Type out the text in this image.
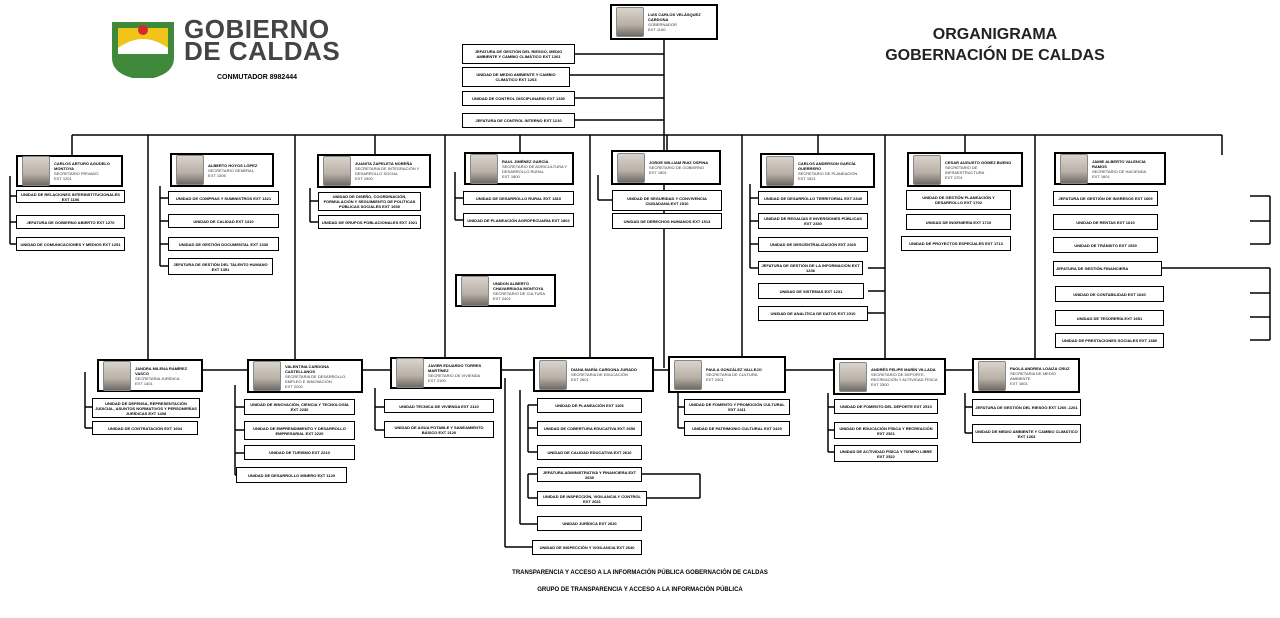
GOBIERNO
DE CALDAS
CONMUTADOR 8982444
ORGANIGRAMA
GOBERNACIÓN DE CALDAS
LUIS CARLOS VELÁSQUEZ CARDONA
GOBERNADOR
EXT 1100
JEFATURA DE GESTIÓN DEL RIESGO, MEDIO AMBIENTE Y CAMBIO CLIMÁTICO EXT 1261
UNIDAD DE MEDIO AMBIENTE Y CAMBIO CLIMÁTICO EXT 1263
UNIDAD DE CONTROL DISCIPLINARIO EXT 1330
JEFATURA DE CONTROL INTERNO EXT 1210
CARLOS ARTURO AGUDELO MONTOYA
SECRETARIO PRIVADO
EXT 1201
ALBERTO HOYOS LÓPEZ
SECRETARIO GENERAL
EXT 1305
JUANITA ZAPELETA NOREÑA
SECRETARIA DE INTEGRACIÓN Y DESARROLLO SOCIAL
EXT 1900
RAUL JIMÉNEZ GARCÍA
SECRETARIO DE AGRICULTURA Y DESARROLLO RURAL
EXT 1800
JORGE WILLIAM RUIZ OSPINA
SECRETARIO DE GOBIERNO
EXT 1501
CARLOS ANDERSON GARCÍA GUERRERO
SECRETARIO DE PLANEACIÓN
EXT 1521
CESAR AUGUSTO GÓMEZ BUENO
SECRETARIO DE INFRAESTRUCTURA
EXT 1701
JAIME ALBERTO VALENCIA RAMOS
SECRETARIO DE HACIENDA
EXT 1601
UNIDON ALBERTO CHAVARRIAGA MONTOYA
SECRETARIO DE CULTURA
EXT 2401
UNIDAD DE RELACIONES INTERINSTITUCIONALES EXT 1106
JEFATURA DE GOBIERNO ABIERTO EXT 1270
UNIDAD DE COMUNICACIONES Y MEDIOS EXT 1251
UNIDAD DE COMPRAS Y SUMINISTROS EXT 1321
UNIDAD DE CALIDAD EXT 1310
UNIDAD DE GESTIÓN DOCUMENTAL EXT 1330
JEFATURA DE GESTIÓN DEL TALENTO HUMANO EXT 1351
UNIDAD DE DISEÑO, COORDINACIÓN, FORMULACIÓN Y SEGUIMIENTO DE POLÍTICAS PÚBLICAS SOCIALES EXT 1930
UNIDAD DE GRUPOS POBLACIONALES EXT 1921
UNIDAD DE DESARROLLO RURAL EXT 1810
UNIDAD DE PLANEACIÓN AGROPECUARIA EXT 1802
UNIDAD DE SEGURIDAD Y CONVIVENCIA CIUDADANA EXT 1510
UNIDAD DE DERECHOS HUMANOS EXT 1513
UNIDAD DE DESARROLLO TERRITORIAL EXT 2340
UNIDAD DE REGALÍAS E INVERSIONES PÚBLICAS EXT 2330
UNIDAD DE DESCENTRALIZACIÓN EXT 2320
JEFATURA DE GESTIÓN DE LA INFORMACIÓN EXT 1236
UNIDAD DE SISTEMAS EXT 1231
UNIDAD DE ANALÍTICA DE DATOS EXT 2310
UNIDAD DE GESTIÓN PLANEACIÓN Y DESARROLLO EXT 1702
UNIDAD DE INGENIERÍA EXT 1710
UNIDAD DE PROYECTOS ESPECIALES EXT 1713
JEFATURA DE GESTIÓN DE INGRESOS EXT 1609
UNIDAD DE RENTAS EXT 1610
UNIDAD DE TRÁNSITO EXT 1530
JEFATURA DE GESTIÓN FINANCIERA
UNIDAD DE CONTABILIDAD EXT 1640
UNIDAD DE TESORERÍA EXT 1651
UNIDAD DE PRESTACIONES SOCIALES EXT 1380
JANDRA MILENA RAMÍREZ VASCO
SECRETARIA JURÍDICA
EXT 1401
VALENTINA CARDONA CASTELLANOS
SECRETARIA DE DESARROLLO, EMPLEO E INNOVACIÓN
EXT 2200
JAVIER EDUARDO TORRES MARTÍNEZ
SECRETARIO DE VIVIENDA
EXT 2100
DIANA MARÍA CARDONA JURADO
SECRETARIA DE EDUCACIÓN
EXT 2601
PAULA GONZÁLEZ VALLEJO
SECRETARIA DE CULTURA
EXT 2401
ANDRÉS FELIPE MARÍN VILLADA
SECRETARIO DE DEPORTE, RECREACIÓN Y ACTIVIDAD FÍSICA
EXT 2500
PAOLA ANDREA LOAIZA CRUZ
SECRETARIA DE MEDIO AMBIENTE
EXT 1601
UNIDAD DE DEFENSA, REPRESENTACIÓN JUDICIAL, ASUNTOS NORMATIVOS Y PERSONERÍAS JURÍDICAS EXT 1408
UNIDAD DE CONTRATACIÓN EXT 1604
UNIDAD DE INNOVACIÓN, CIENCIA Y TECNOLOGÍA EXT 2230
UNIDAD DE EMPRENDIMIENTO Y DESARROLLO EMPRESARIAL EXT 2220
UNIDAD DE TURISMO EXT 2210
UNIDAD DE DESARROLLO MINERO EXT 1120
UNIDAD TÉCNICA DE VIVIENDA EXT 2110
UNIDAD DE AGUA POTABLE Y SANEAMIENTO BÁSICO EXT 2120
UNIDAD DE PLANEACIÓN EXT 1106
UNIDAD DE COBERTURA EDUCATIVA EXT 2650
UNIDAD DE CALIDAD EDUCATIVA EXT 2610
JEFATURA ADMINISTRATIVA Y FINANCIERA EXT 2630
UNIDAD DE INSPECCIÓN, VIGILANCIA Y CONTROL EXT 2631
UNIDAD JURÍDICA EXT 2620
UNIDAD DE INSPECCIÓN Y VIGILANCIA EXT 2640
UNIDAD DE FOMENTO Y PROMOCIÓN CULTURAL EXT 2411
UNIDAD DE PATRIMONIO CULTURAL EXT 2420
UNIDAD DE FOMENTO DEL DEPORTE EXT 2510
UNIDAD DE EDUCACIÓN FÍSICA Y RECREACIÓN EXT 2521
UNIDAD DE ACTIVIDAD FÍSICA Y TIEMPO LIBRE EXT 2522
JEFATURA DE GESTIÓN DEL RIESGO EXT 1260 -1261
UNIDAD DE MEDIO AMBIENTE Y CAMBIO CLIMÁTICO EXT 1263
TRANSPARENCIA Y ACCESO A LA INFORMACIÓN PÚBLICA GOBERNACIÓN DE CALDAS
GRUPO DE TRANSPARENCIA Y ACCESO A LA INFORMACIÓN PÚBLICA
